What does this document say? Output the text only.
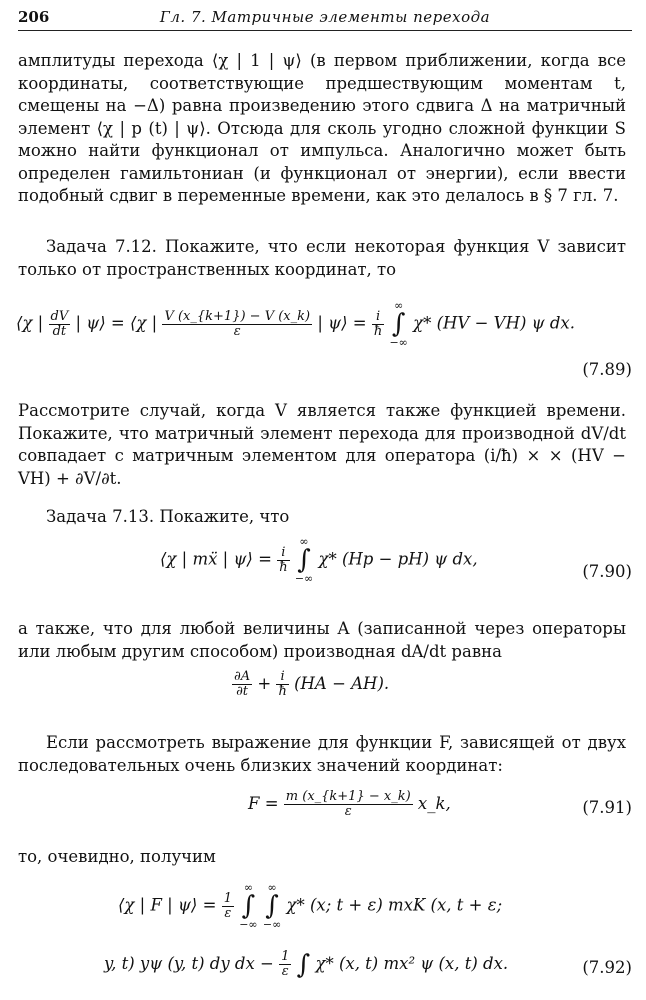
206	Гл. 7. Матричные элементы перехода

амплитуды перехода ⟨χ | 1 | ψ⟩ (в первом приближении, когда все координаты, соответствующие предшествующим моментам t, смещены на −Δ) равна произведению этого сдвига Δ на матричный элемент ⟨χ | p (t) | ψ⟩. Отсюда для сколь угодно сложной функции S можно найти функционал от импульса. Аналогично может быть определен гамильтониан (и функционал от энергии), если ввести подобный сдвиг в переменные времени, как это делалось в § 7 гл. 7.

Задача 7.12. Покажите, что если некоторая функция V зависит только от пространственных координат, то

⟨χ | $\frac{dV}{dt}$ | ψ⟩ = ⟨χ | $\frac{V (x\_\{k+1\}) - V (x\_k)}{\varepsilon}$ | ψ⟩ = $\frac{i}{ħ}$

∞
∫
−∞
χ* (HV − VH) ψ dx.
(7.89)

Рассмотрите случай, когда V является также функцией времени. Покажите, что матричный элемент перехода для производной dV/dt совпадает с матричным элементом для оператора (i/ħ) × × (HV − VH) + ∂V/∂t.

Задача 7.13. Покажите, что

⟨χ | mẍ | ψ⟩ = $\frac{i}{ħ}$

∞
∫
−∞
χ* (Hp − pH) ψ dx,
(7.90)

а также, что для любой величины A (записанной через операторы или любым другим способом) производная dA/dt равна

$\frac{\partial A}{\partial t} + \frac{i}{ħ} (HA - AH)$.

Если рассмотреть выражение для функции F, зависящей от двух последовательных очень близких значений координат:

$F = \frac{m (x\_\{k+1\} - x\_k)}{\varepsilon}$ x_k,	(7.91)

то, очевидно, получим

⟨χ | F | ψ⟩ = $\frac{1}{\varepsilon}$

∞
∫
−∞

∞
∫
−∞
χ* (x; t + ε) mxK (x, t + ε;
y, t) yψ (y, t) dy dx − $\frac{1}{\varepsilon}$
∫ χ* (x, t) mx² ψ (x, t) dx.	(7.92)
